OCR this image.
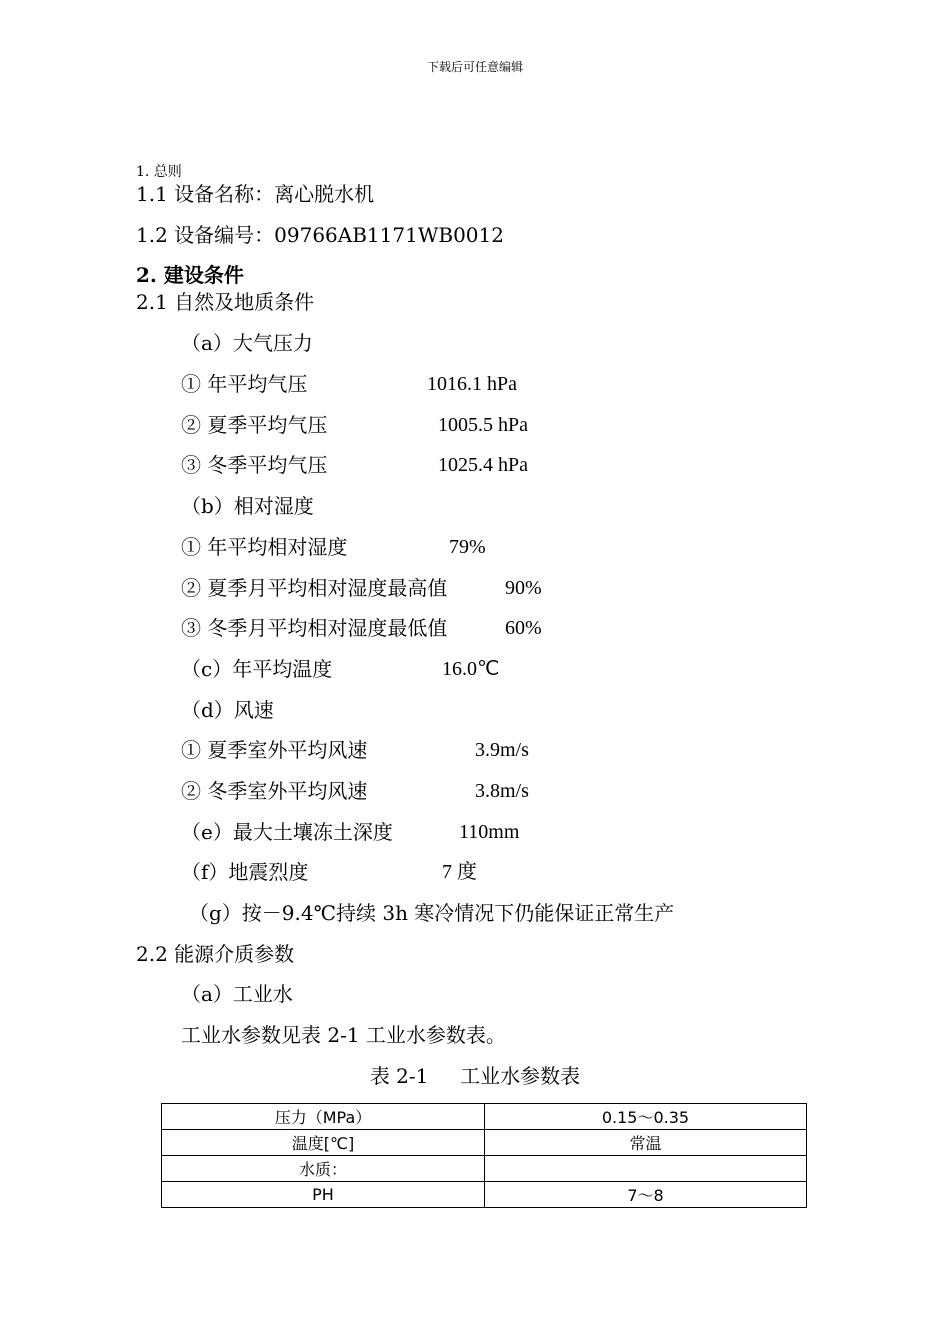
下载后可任意编辑
1. 总则
1.1 设备名称：离心脱水机
1.2 设备编号：09766AB1171WB0012
2. 建设条件
2.1 自然及地质条件
（a）大气压力
① 年平均气压	1016.1 hPa
② 夏季平均气压	1005.5 hPa
③ 冬季平均气压	1025.4 hPa
（b）相对湿度
① 年平均相对湿度	79%
② 夏季月平均相对湿度最高值	90%
③ 冬季月平均相对湿度最低值	60%
（c）年平均温度	16.0℃
（d）风速
① 夏季室外平均风速	3.9m/s
② 冬季室外平均风速	3.8m/s
（e）最大土壤冻土深度	110mm
（f）地震烈度	7 度
（g）按－9.4℃持续 3h 寒冷情况下仍能保证正常生产
2.2 能源介质参数
（a）工业水
工业水参数见表 2-1 工业水参数表。
表 2-1     工业水参数表
压力（MPa）	0.15～0.35
温度[℃]	常温
水质：	
PH	7～8
